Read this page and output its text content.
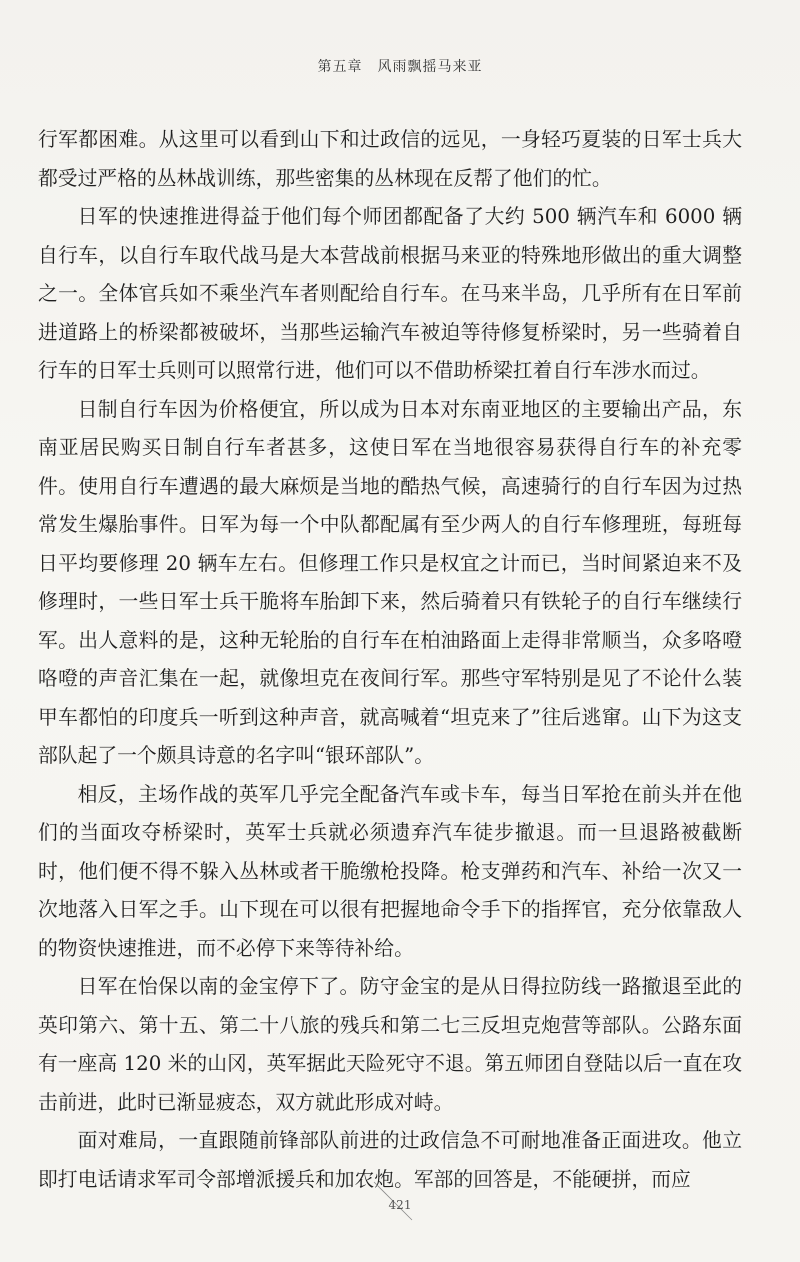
第五章　风雨飘摇马来亚

行军都困难。从这里可以看到山下和辻政信的远见，一身轻巧夏装的日军士兵大都受过严格的丛林战训练，那些密集的丛林现在反帮了他们的忙。

日军的快速推进得益于他们每个师团都配备了大约 500 辆汽车和 6000 辆自行车，以自行车取代战马是大本营战前根据马来亚的特殊地形做出的重大调整之一。全体官兵如不乘坐汽车者则配给自行车。在马来半岛，几乎所有在日军前进道路上的桥梁都被破坏，当那些运输汽车被迫等待修复桥梁时，另一些骑着自行车的日军士兵则可以照常行进，他们可以不借助桥梁扛着自行车涉水而过。

日制自行车因为价格便宜，所以成为日本对东南亚地区的主要输出产品，东南亚居民购买日制自行车者甚多，这使日军在当地很容易获得自行车的补充零件。使用自行车遭遇的最大麻烦是当地的酷热气候，高速骑行的自行车因为过热常发生爆胎事件。日军为每一个中队都配属有至少两人的自行车修理班，每班每日平均要修理 20 辆车左右。但修理工作只是权宜之计而已，当时间紧迫来不及修理时，一些日军士兵干脆将车胎卸下来，然后骑着只有铁轮子的自行车继续行军。出人意料的是，这种无轮胎的自行车在柏油路面上走得非常顺当，众多咯噔咯噔的声音汇集在一起，就像坦克在夜间行军。那些守军特别是见了不论什么装甲车都怕的印度兵一听到这种声音，就高喊着“坦克来了”往后逃窜。山下为这支部队起了一个颇具诗意的名字叫“银环部队”。

相反，主场作战的英军几乎完全配备汽车或卡车，每当日军抢在前头并在他们的当面攻夺桥梁时，英军士兵就必须遗弃汽车徒步撤退。而一旦退路被截断时，他们便不得不躲入丛林或者干脆缴枪投降。枪支弹药和汽车、补给一次又一次地落入日军之手。山下现在可以很有把握地命令手下的指挥官，充分依靠敌人的物资快速推进，而不必停下来等待补给。

日军在怡保以南的金宝停下了。防守金宝的是从日得拉防线一路撤退至此的英印第六、第十五、第二十八旅的残兵和第二七三反坦克炮营等部队。公路东面有一座高 120 米的山冈，英军据此天险死守不退。第五师团自登陆以后一直在攻击前进，此时已渐显疲态，双方就此形成对峙。

面对难局，一直跟随前锋部队前进的辻政信急不可耐地准备正面进攻。他立即打电话请求军司令部增派援兵和加农炮。军部的回答是，不能硬拼，而应

421
